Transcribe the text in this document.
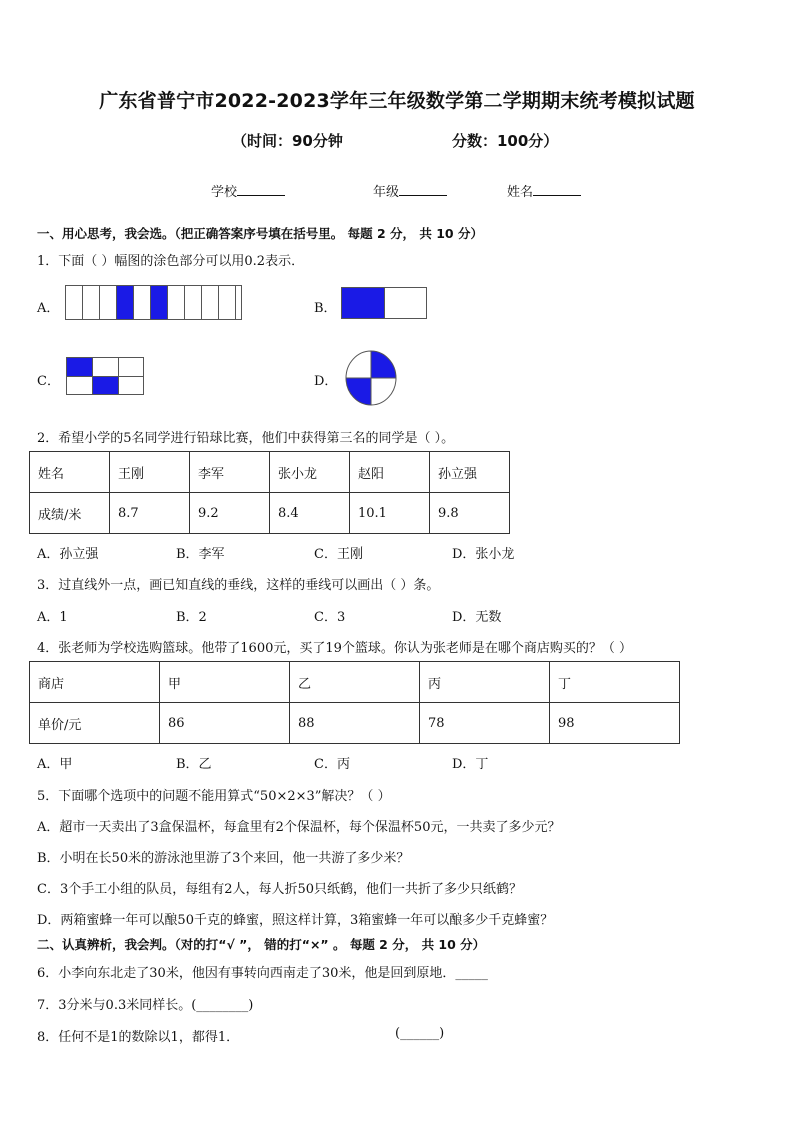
广东省普宁市2022-2023学年三年级数学第二学期期末统考模拟试题
（时间：90分钟	分数：100分）
学校	年级	姓名
一、用心思考，我会选。（把正确答案序号填在括号里。 每题 2 分， 共 10 分）
1．下面（ ）幅图的涂色部分可以用0.2表示．
A．	B．
C．	D．
2．希望小学的5名同学进行铅球比赛，他们中获得第三名的同学是（ ）。
姓名	王刚	李军	张小龙	赵阳	孙立强
成绩/米	8.7	9.2	8.4	10.1	9.8
A．孙立强	B．李军	C．王刚	D．张小龙
3．过直线外一点，画已知直线的垂线，这样的垂线可以画出（ ）条。
A．1	B．2	C．3	D．无数
4．张老师为学校选购篮球。他带了1600元，买了19个篮球。你认为张老师是在哪个商店购买的？（ ）
商店	甲	乙	丙	丁
单价/元	86	88	78	98
A．甲	B．乙	C．丙	D．丁
5．下面哪个选项中的问题不能用算式“50×2×3”解决？（ ）
A．超市一天卖出了3盒保温杯，每盒里有2个保温杯，每个保温杯50元，一共卖了多少元？
B．小明在长50米的游泳池里游了3个来回，他一共游了多少米？
C．3个手工小组的队员，每组有2人，每人折50只纸鹤，他们一共折了多少只纸鹤？
D．两箱蜜蜂一年可以酿50千克的蜂蜜，照这样计算，3箱蜜蜂一年可以酿多少千克蜂蜜？
二、认真辨析，我会判。（对的打“√ ”， 错的打“×” 。 每题 2 分， 共 10 分）
6．小李向东北走了30米，他因有事转向西南走了30米，他是回到原地．_____
7．3分米与0.3米同样长。(________)
8．任何不是1的数除以1，都得1．	(______)
